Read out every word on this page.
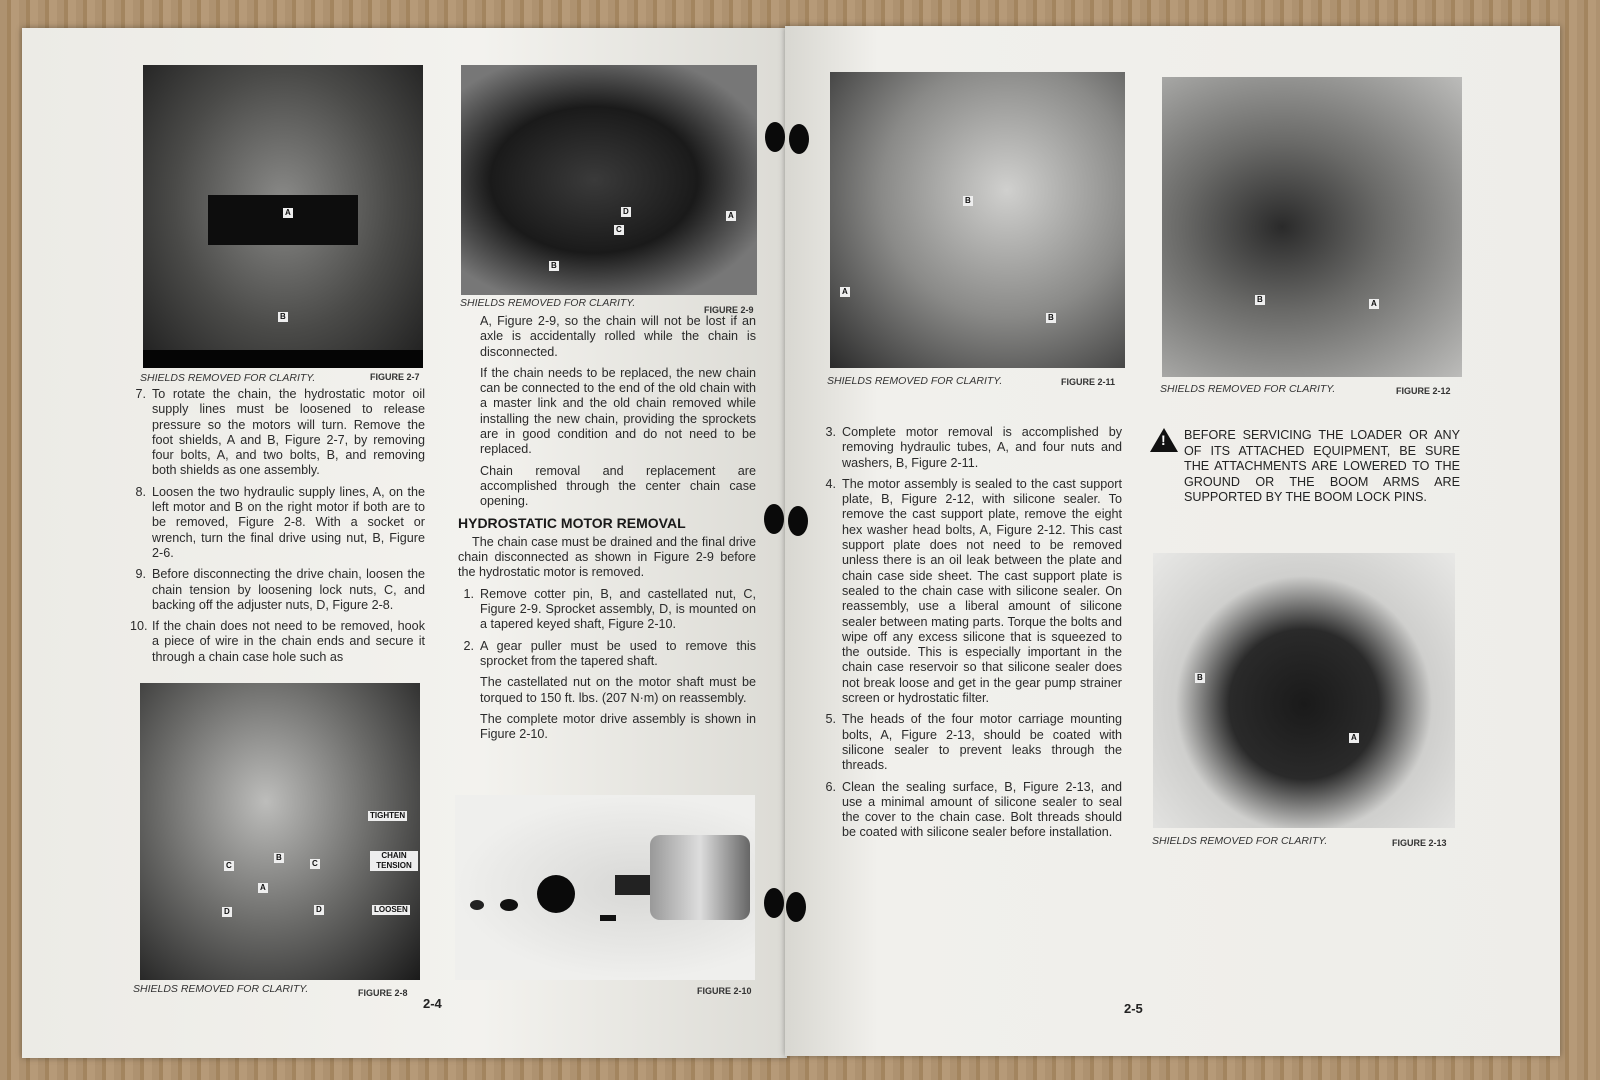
A
B
SHIELDS REMOVED FOR CLARITY.	FIGURE 2-7
7. To rotate the chain, the hydrostatic motor oil supply lines must be loosened to release pressure so the motors will turn. Remove the foot shields, A and B, Figure 2-7, by removing four bolts, A, and two bolts, B, and removing both shields as one assembly.
8. Loosen the two hydraulic supply lines, A, on the left motor and B on the right motor if both are to be removed, Figure 2-8. With a socket or wrench, turn the final drive using nut, B, Figure 2-6.
9. Before disconnecting the drive chain, loosen the chain tension by loosening lock nuts, C, and backing off the adjuster nuts, D, Figure 2-8.
10. If the chain does not need to be removed, hook a piece of wire in the chain ends and secure it through a chain case hole such as
TIGHTEN
CHAIN TENSION
LOOSEN
A
B
C	C
D	D
SHIELDS REMOVED FOR CLARITY.	FIGURE 2-8
2-4
A
B
C
D
SHIELDS REMOVED FOR CLARITY.
FIGURE 2-9

A, Figure 2-9, so the chain will not be lost if an axle is accidentally rolled while the chain is disconnected.

If the chain needs to be replaced, the new chain can be connected to the end of the old chain with a master link and the old chain removed while installing the new chain, providing the sprockets are in good condition and do not need to be replaced.

Chain removal and replacement are accomplished through the center chain case opening.

HYDROSTATIC MOTOR REMOVAL

The chain case must be drained and the final drive chain disconnected as shown in Figure 2-9 before the hydrostatic motor is removed.

1. Remove cotter pin, B, and castellated nut, C, Figure 2-9. Sprocket assembly, D, is mounted on a tapered keyed shaft, Figure 2-10.
2. A gear puller must be used to remove this sprocket from the tapered shaft.

The castellated nut on the motor shaft must be torqued to 150 ft. lbs. (207 N·m) on reassembly.

The complete motor drive assembly is shown in Figure 2-10.

FIGURE 2-10
A
B
B
SHIELDS REMOVED FOR CLARITY.	FIGURE 2-11
A
B
SHIELDS REMOVED FOR CLARITY.	FIGURE 2-12
3. Complete motor removal is accomplished by removing hydraulic tubes, A, and four nuts and washers, B, Figure 2-11.
4. The motor assembly is sealed to the cast support plate, B, Figure 2-12, with silicone sealer. To remove the cast support plate, remove the eight hex washer head bolts, A, Figure 2-12. This cast support plate does not need to be removed unless there is an oil leak between the plate and chain case side sheet. The cast support plate is sealed to the chain case with silicone sealer. On reassembly, use a liberal amount of silicone sealer between mating parts. Torque the bolts and wipe off any excess silicone that is squeezed to the outside. This is especially important in the chain case reservoir so that silicone sealer does not break loose and get in the gear pump strainer screen or hydrostatic filter.
5. The heads of the four motor carriage mounting bolts, A, Figure 2-13, should be coated with silicone sealer to prevent leaks through the threads.
6. Clean the sealing surface, B, Figure 2-13, and use a minimal amount of silicone sealer to seal the cover to the chain case. Bolt threads should be coated with silicone sealer before installation.
! BEFORE SERVICING THE LOADER OR ANY OF ITS ATTACHED EQUIPMENT, BE SURE THE ATTACHMENTS ARE LOWERED TO THE GROUND OR THE BOOM ARMS ARE SUPPORTED BY THE BOOM LOCK PINS.
B
A
SHIELDS REMOVED FOR CLARITY.	FIGURE 2-13
2-5
